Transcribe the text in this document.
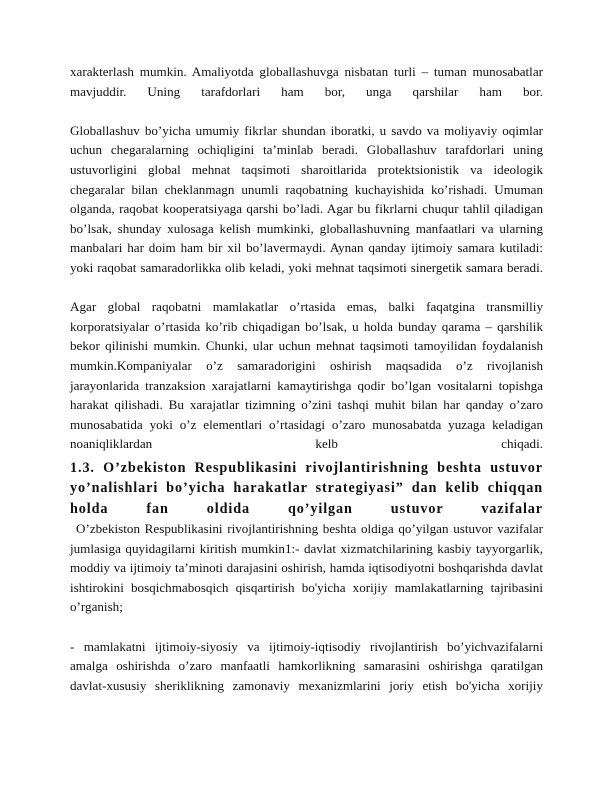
xarakterlash mumkin. Amaliyotda globallashuvga nisbatan turli – tuman munosabatlar mavjuddir. Uning tarafdorlari ham bor, unga qarshilar ham bor.

Globallashuv bo’yicha umumiy fikrlar shundan iboratki, u savdo va moliyaviy oqimlar uchun chegaralarning ochiqligini ta’minlab beradi. Globallashuv tarafdorlari uning ustuvorligini global mehnat taqsimoti sharoitlarida protektsionistik va ideologik chegaralar bilan cheklanmagn unumli raqobatning kuchayishida ko’rishadi. Umuman olganda, raqobat kooperatsiyaga qarshi bo’ladi. Agar bu fikrlarni chuqur tahlil qiladigan bo’lsak, shunday xulosaga kelish mumkinki, globallashuvning manfaatlari va ularning manbalari har doim ham bir xil bo’lavermaydi. Aynan qanday ijtimoiy samara kutiladi: yoki raqobat samaradorlikka olib keladi, yoki mehnat taqsimoti sinergetik samara beradi.

Agar global raqobatni mamlakatlar o’rtasida emas, balki faqatgina transmilliy korporatsiyalar o’rtasida ko’rib chiqadigan bo’lsak, u holda bunday qarama – qarshilik bekor qilinishi mumkin. Chunki, ular uchun mehnat taqsimoti tamoyilidan foydalanish mumkin.Kompaniyalar o’z samaradorigini oshirish maqsadida o’z rivojlanish jarayonlarida tranzaksion xarajatlarni kamaytirishga qodir bo’lgan vositalarni topishga harakat qilishadi. Bu xarajatlar tizimning o’zini tashqi muhit bilan har qanday o’zaro munosabatida yoki o’z elementlari o’rtasidagi o’zaro munosabatda yuzaga keladigan noaniqliklardan kelb chiqadi.

1.3. O’zbekiston Respublikasini rivojlantirishning beshta ustuvor yo’nalishlari bo’yicha harakatlar strategiyasi” dan kelib chiqqan holda fan oldida qo’yilgan ustuvor vazifalar

O’zbekiston Respublikasini rivojlantirishning beshta oldiga qo’yilgan ustuvor vazifalar jumlasiga quyidagilarni kiritish mumkin1:- davlat xizmatchilarining kasbiy tayyorgarlik, moddiy va ijtimoiy ta’minoti darajasini oshirish, hamda iqtisodiyotni boshqarishda davlat ishtirokini bosqichmabosqich qisqartirish bo'yicha xorijiy mamlakatlarning tajribasini o’rganish;

- mamlakatni ijtimoiy-siyosiy va ijtimoiy-iqtisodiy rivojlantirish bo’yichvazifalarni amalga oshirishda o’zaro manfaatli hamkorlikning samarasini oshirishga qaratilgan davlat-xususiy sheriklikning zamonaviy mexanizmlarini joriy etish bo'yicha xorijiy
